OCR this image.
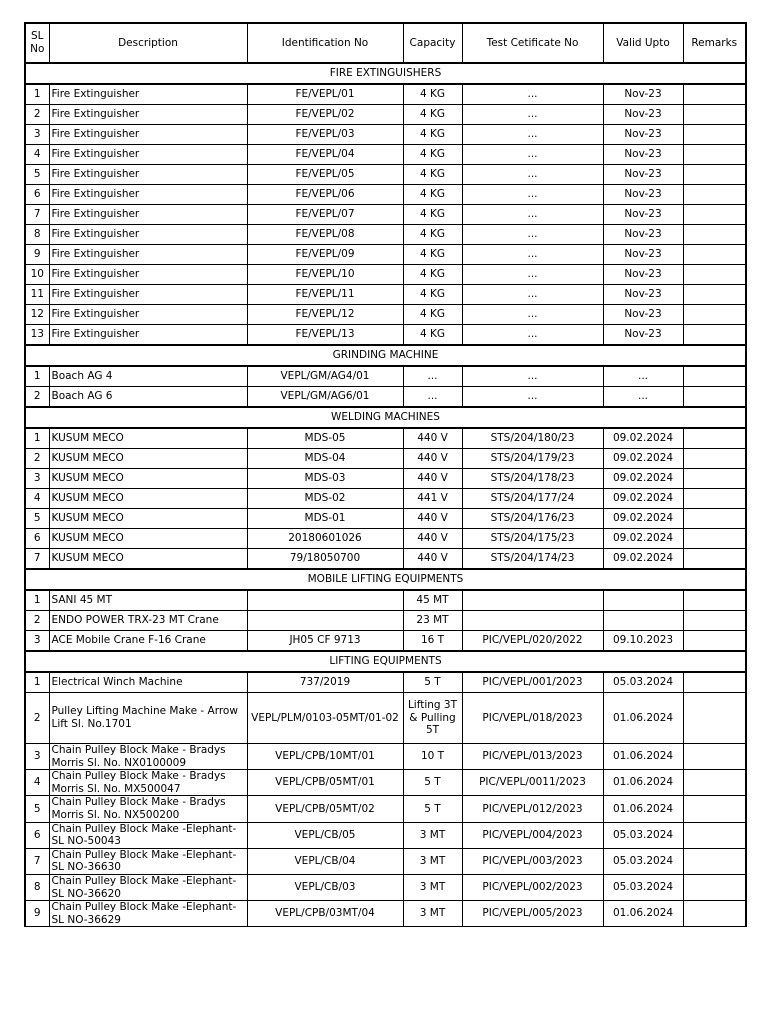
SL No	Description	Identification No	Capacity	Test Cetificate No	Valid Upto	Remarks
FIRE EXTINGUISHERS						
1	Fire Extinguisher	FE/VEPL/01	4 KG	...	Nov-23	
2	Fire Extinguisher	FE/VEPL/02	4 KG	...	Nov-23	
3	Fire Extinguisher	FE/VEPL/03	4 KG	...	Nov-23	
4	Fire Extinguisher	FE/VEPL/04	4 KG	...	Nov-23	
5	Fire Extinguisher	FE/VEPL/05	4 KG	...	Nov-23	
6	Fire Extinguisher	FE/VEPL/06	4 KG	...	Nov-23	
7	Fire Extinguisher	FE/VEPL/07	4 KG	...	Nov-23	
8	Fire Extinguisher	FE/VEPL/08	4 KG	...	Nov-23	
9	Fire Extinguisher	FE/VEPL/09	4 KG	...	Nov-23	
10	Fire Extinguisher	FE/VEPL/10	4 KG	...	Nov-23	
11	Fire Extinguisher	FE/VEPL/11	4 KG	...	Nov-23	
12	Fire Extinguisher	FE/VEPL/12	4 KG	...	Nov-23	
13	Fire Extinguisher	FE/VEPL/13	4 KG	...	Nov-23	
GRINDING MACHINE						
1	Boach AG 4	VEPL/GM/AG4/01	...	...	...	
2	Boach AG 6	VEPL/GM/AG6/01	...	...	...	
WELDING MACHINES						
1	KUSUM MECO	MDS-05	440 V	STS/204/180/23	09.02.2024	
2	KUSUM MECO	MDS-04	440 V	STS/204/179/23	09.02.2024	
3	KUSUM MECO	MDS-03	440 V	STS/204/178/23	09.02.2024	
4	KUSUM MECO	MDS-02	441 V	STS/204/177/24	09.02.2024	
5	KUSUM MECO	MDS-01	440 V	STS/204/176/23	09.02.2024	
6	KUSUM MECO	20180601026	440 V	STS/204/175/23	09.02.2024	
7	KUSUM MECO	79/18050700	440 V	STS/204/174/23	09.02.2024	
MOBILE LIFTING EQUIPMENTS						
1	SANI 45 MT		45 MT			
2	ENDO POWER TRX-23 MT Crane		23 MT			
3	ACE Mobile Crane F-16 Crane	JH05 CF 9713	16 T	PIC/VEPL/020/2022	09.10.2023	
LIFTING EQUIPMENTS						
1	Electrical Winch Machine	737/2019	5 T	PIC/VEPL/001/2023	05.03.2024	
2	Pulley Lifting Machine Make - Arrow Lift Sl. No.1701	VEPL/PLM/0103-05MT/01-02	Lifting 3T & Pulling 5T	PIC/VEPL/018/2023	01.06.2024	
3	Chain Pulley Block Make - Bradys Morris Sl. No. NX0100009	VEPL/CPB/10MT/01	10 T	PIC/VEPL/013/2023	01.06.2024	
4	Chain Pulley Block Make - Bradys Morris Sl. No. MX500047	VEPL/CPB/05MT/01	5 T	PIC/VEPL/0011/2023	01.06.2024	
5	Chain Pulley Block Make - Bradys Morris Sl. No. NX500200	VEPL/CPB/05MT/02	5 T	PIC/VEPL/012/2023	01.06.2024	
6	Chain Pulley Block Make -Elephant-SL NO-50043	VEPL/CB/05	3 MT	PIC/VEPL/004/2023	05.03.2024	
7	Chain Pulley Block Make -Elephant-SL NO-36630	VEPL/CB/04	3 MT	PIC/VEPL/003/2023	05.03.2024	
8	Chain Pulley Block Make -Elephant-SL NO-36620	VEPL/CB/03	3 MT	PIC/VEPL/002/2023	05.03.2024	
9	Chain Pulley Block Make -Elephant-SL NO-36629	VEPL/CPB/03MT/04	3 MT	PIC/VEPL/005/2023	01.06.2024	
